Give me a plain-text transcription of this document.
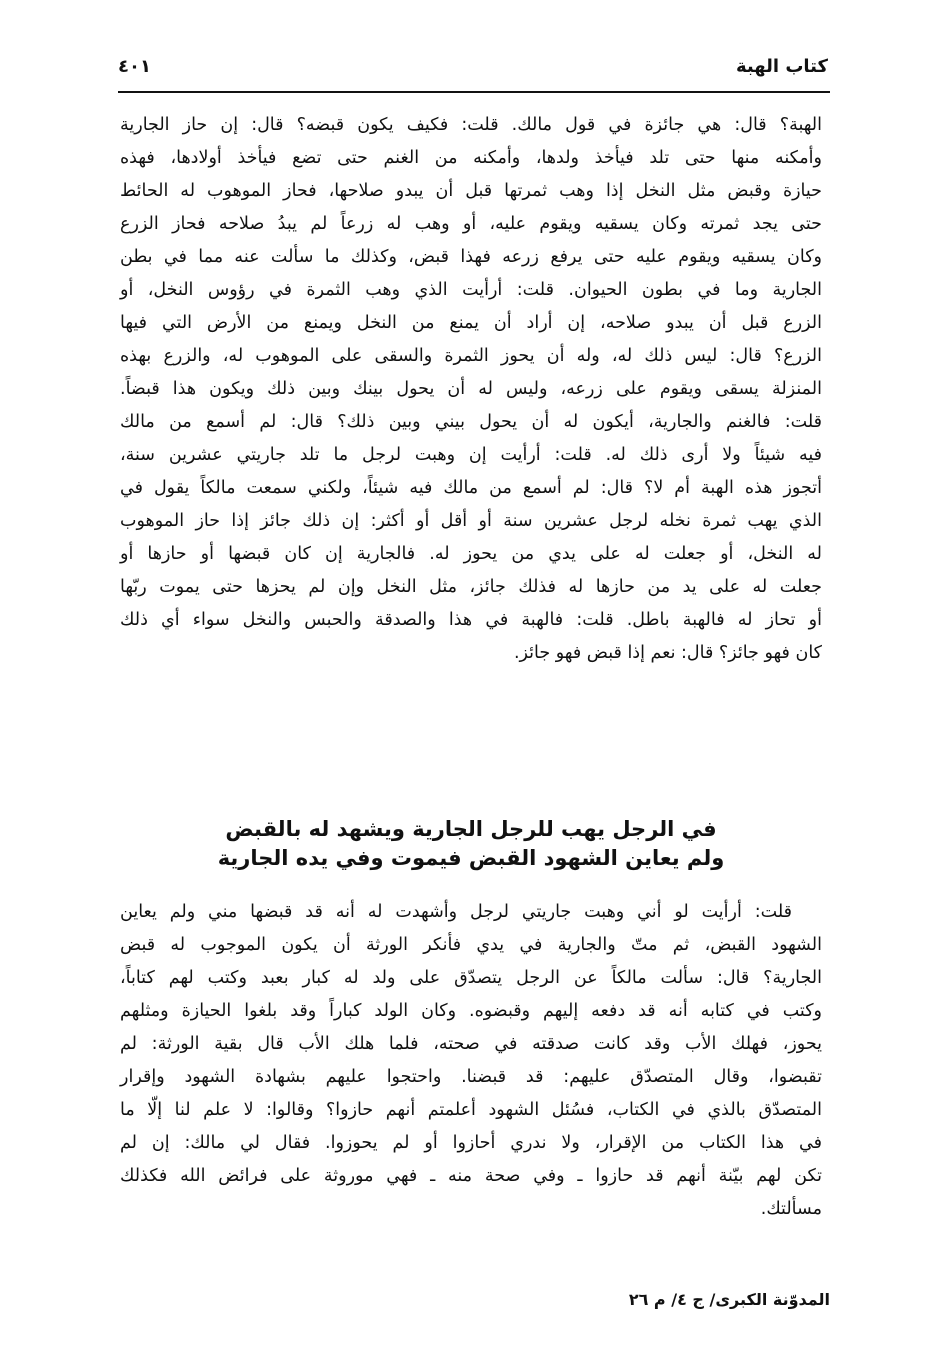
كتاب الهبة
٤٠١
الهبة؟ قال: هي جائزة في قول مالك. قلت: فكيف يكون قبضه؟ قال: إن حاز الجارية
وأمكنه منها حتى تلد فيأخذ ولدها، وأمكنه من الغنم حتى تضع فيأخذ أولادها، فهذه
حيازة وقبض مثل النخل إذا وهب ثمرتها قبل أن يبدو صلاحها، فحاز الموهوب له الحائط
حتى يجد ثمرته وكان يسقيه ويقوم عليه، أو وهب له زرعاً لم يبدُ صلاحه فحاز الزرع
وكان يسقيه ويقوم عليه حتى يرفع زرعه فهذا قبض، وكذلك ما سألت عنه مما في بطن
الجارية وما في بطون الحيوان. قلت: أرأيت الذي وهب الثمرة في رؤوس النخل، أو
الزرع قبل أن يبدو صلاحه، إن أراد أن يمنع من النخل ويمنع من الأرض التي فيها
الزرع؟ قال: ليس ذلك له، وله أن يحوز الثمرة والسقى على الموهوب له، والزرع بهذه
المنزلة يسقى ويقوم على زرعه، وليس له أن يحول بينك وبين ذلك ويكون هذا قبضاً.
قلت: فالغنم والجارية، أيكون له أن يحول بيني وبين ذلك؟ قال: لم أسمع من مالك
فيه شيئاً ولا أرى ذلك له. قلت: أرأيت إن وهبت لرجل ما تلد جاريتي عشرين سنة،
أتجوز هذه الهبة أم لا؟ قال: لم أسمع من مالك فيه شيئاً، ولكني سمعت مالكاً يقول في
الذي يهب ثمرة نخله لرجل عشرين سنة أو أقل أو أكثر: إن ذلك جائز إذا حاز الموهوب
له النخل، أو جعلت له على يدي من يحوز له. فالجارية إن كان قبضها أو حازها أو
جعلت له على يد من حازها له فذلك جائز، مثل النخل وإن لم يحزها حتى يموت ربّها
أو تحاز له فالهبة باطل. قلت: فالهبة في هذا والصدقة والحبس والنخل سواء أي ذلك
كان فهو جائز؟ قال: نعم إذا قبض فهو جائز.
في الرجل يهب للرجل الجارية ويشهد له بالقبض
ولم يعاين الشهود القبض فيموت وفي يده الجارية
قلت: أرأيت لو أني وهبت جاريتي لرجل وأشهدت له أنه قد قبضها مني ولم يعاين
الشهود القبض، ثم متّ والجارية في يدي فأنكر الورثة أن يكون الموجوب له قبض
الجارية؟ قال: سألت مالكاً عن الرجل يتصدّق على ولد له كبار بعبد وكتب لهم كتاباً،
وكتب في كتابه أنه قد دفعه إليهم وقبضوه. وكان الولد كباراً وقد بلغوا الحيازة ومثلهم
يحوز، فهلك الأب وقد كانت صدقته في صحته، فلما هلك الأب قال بقية الورثة: لم
تقبضوا، وقال المتصدّق عليهم: قد قبضنا. واحتجوا عليهم بشهادة الشهود وإقرار
المتصدّق بالذي في الكتاب، فسُئل الشهود أعلمتم أنهم حازوا؟ وقالوا: لا علم لنا إلّا ما
في هذا الكتاب من الإقرار، ولا ندري أحازوا أو لم يحوزوا. فقال لي مالك: إن لم
تكن لهم بيّنة أنهم قد حازوا ـ وفي صحة منه ـ فهي موروثة على فرائض الله فكذلك
مسألتك.
المدوّنة الكبرى/ ج ٤/ م ٢٦
